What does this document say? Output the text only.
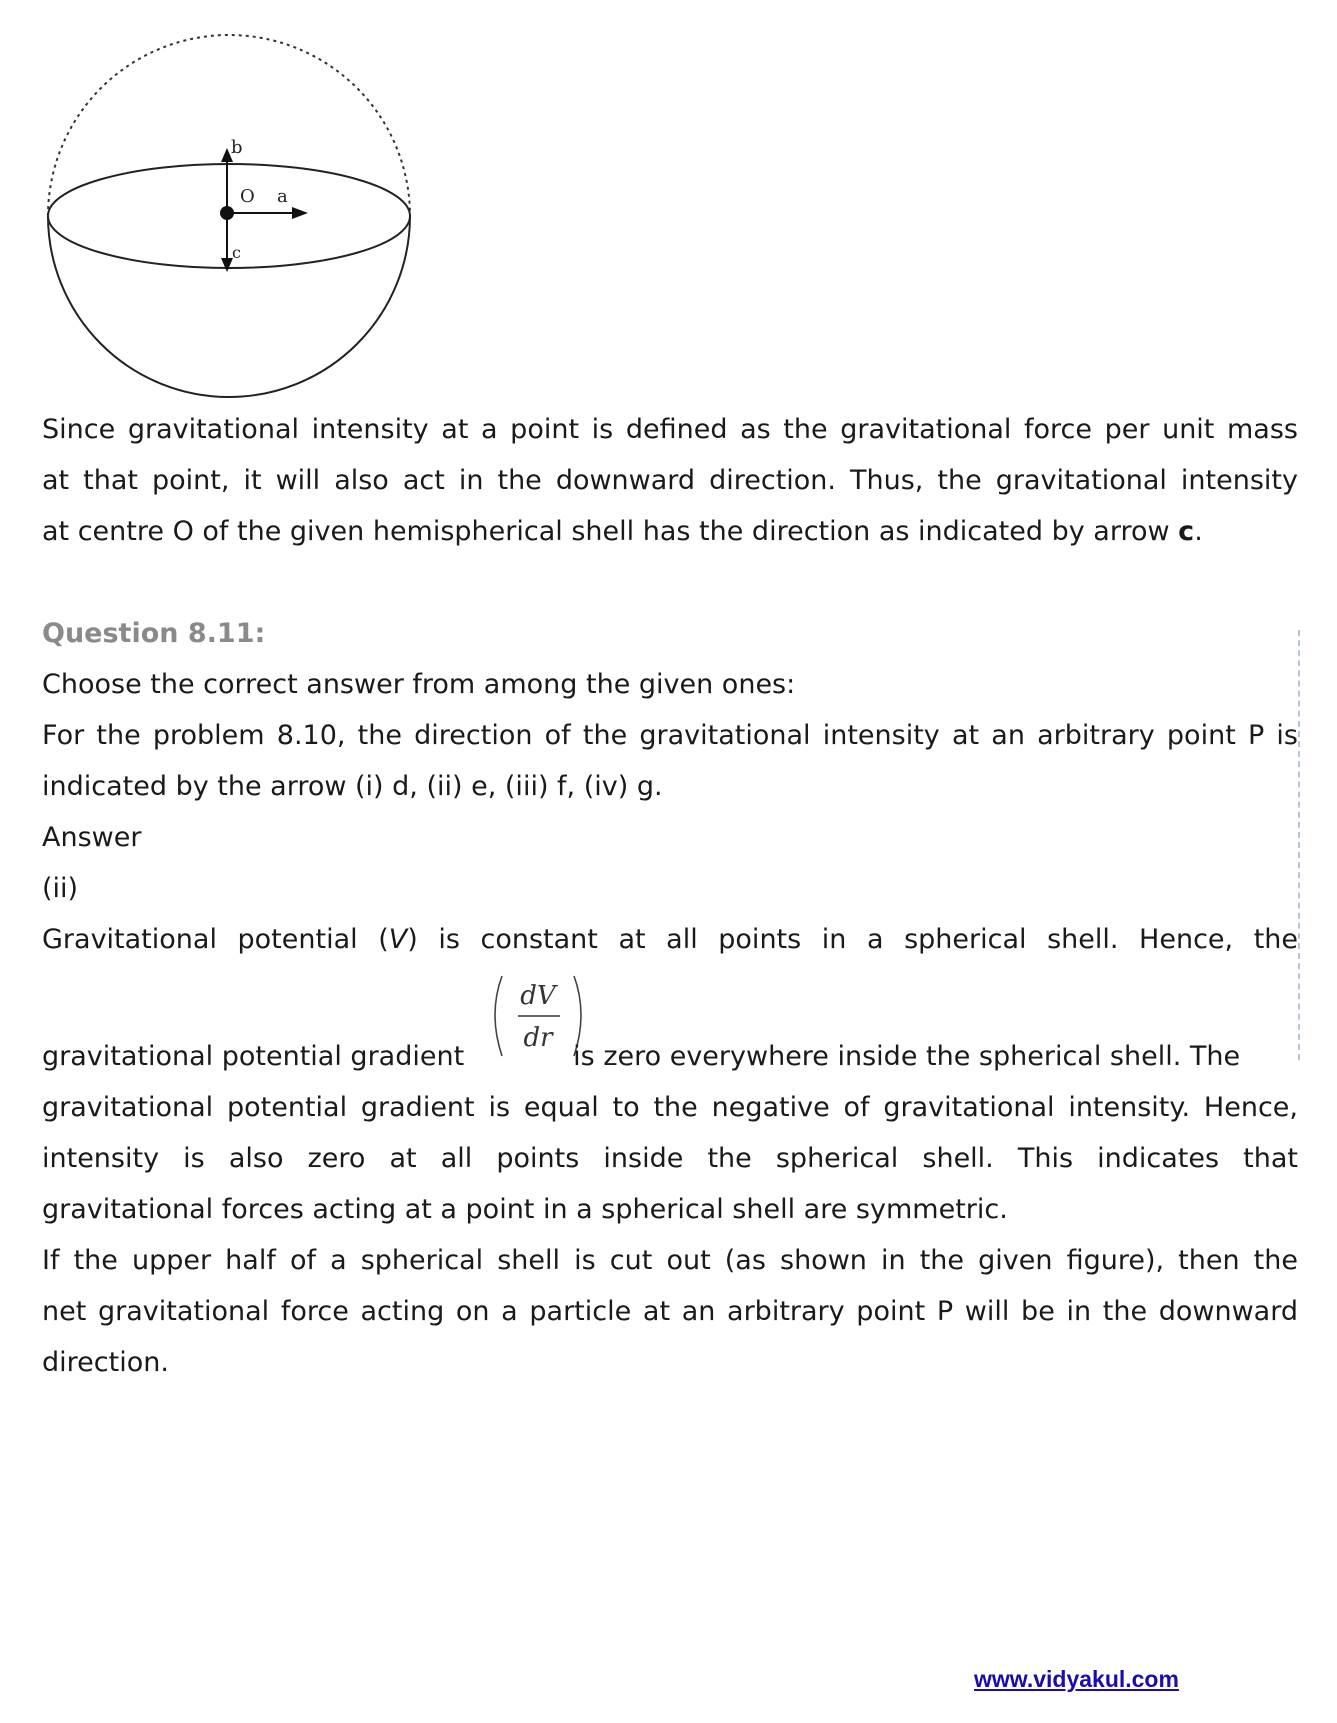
b
O a
c

Since gravitational intensity at a point is defined as the gravitational force per unit mass

at that point, it will also act in the downward direction. Thus, the gravitational intensity

at centre O of the given hemispherical shell has the direction as indicated by arrow c.

Question 8.11:

Choose the correct answer from among the given ones:

For the problem 8.10, the direction of the gravitational intensity at an arbitrary point P is

indicated by the arrow (i) d, (ii) e, (iii) f, (iv) g.

Answer

(ii)

Gravitational potential (V) is constant at all points in a spherical shell. Hence, the

dV
dr

gravitational potential gradient	is zero everywhere inside the spherical shell. The

gravitational potential gradient is equal to the negative of gravitational intensity. Hence,

intensity is also zero at all points inside the spherical shell. This indicates that

gravitational forces acting at a point in a spherical shell are symmetric.

If the upper half of a spherical shell is cut out (as shown in the given figure), then the

net gravitational force acting on a particle at an arbitrary point P will be in the downward

direction.

www.vidyakul.com
